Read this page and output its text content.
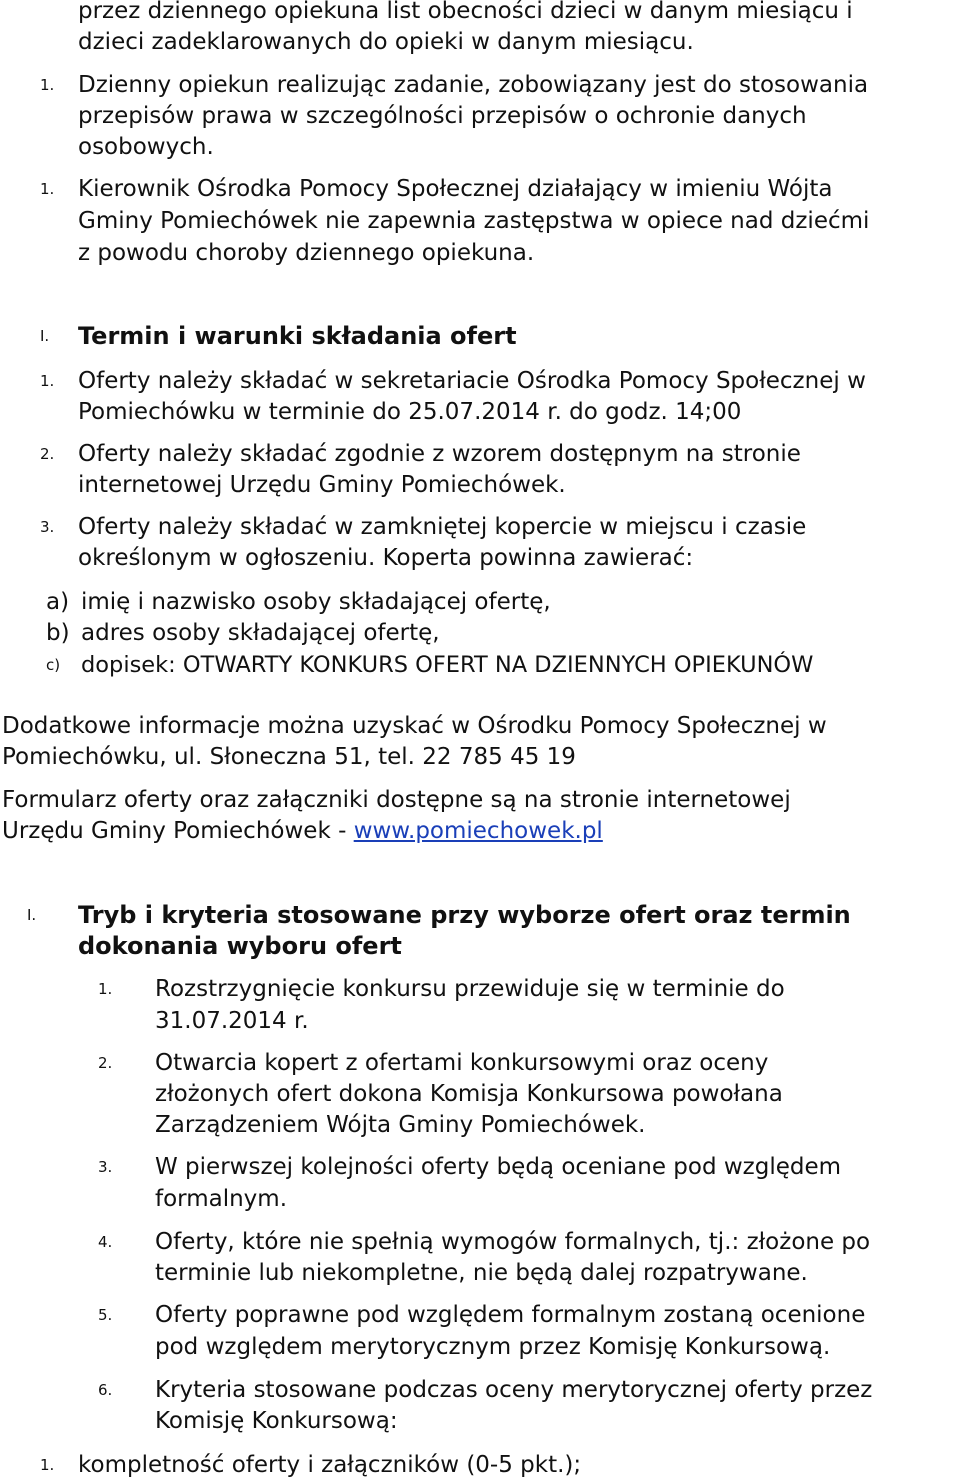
przez dziennego opiekuna list obecności dzieci w danym miesiącu i
dzieci zadeklarowanych do opieki w danym miesiącu.
1. Dzienny opiekun realizując zadanie, zobowiązany jest do stosowania
przepisów prawa w szczególności przepisów o ochronie danych
osobowych.
1. Kierownik Ośrodka Pomocy Społecznej działający w imieniu Wójta
Gminy Pomiechówek nie zapewnia zastępstwa w opiece nad dziećmi
z powodu choroby dziennego opiekuna.
I. Termin i warunki składania ofert
1. Oferty należy składać w sekretariacie Ośrodka Pomocy Społecznej w
Pomiechówku w terminie do 25.07.2014 r. do godz. 14;00
2. Oferty należy składać zgodnie z wzorem dostępnym na stronie
internetowej Urzędu Gminy Pomiechówek.
3. Oferty należy składać w zamkniętej kopercie w miejscu i czasie
określonym w ogłoszeniu. Koperta powinna zawierać:
a) imię i nazwisko osoby składającej ofertę,
b) adres osoby składającej ofertę,
c) dopisek: OTWARTY KONKURS OFERT NA DZIENNYCH OPIEKUNÓW
Dodatkowe informacje można uzyskać w Ośrodku Pomocy Społecznej w
Pomiechówku, ul. Słoneczna 51, tel. 22 785 45 19
Formularz oferty oraz załączniki dostępne są na stronie internetowej
Urzędu Gminy Pomiechówek - www.pomiechowek.pl
I. Tryb i kryteria stosowane przy wyborze ofert oraz termin
dokonania wyboru ofert
1. Rozstrzygnięcie konkursu przewiduje się w terminie do
31.07.2014 r.
2. Otwarcia kopert z ofertami konkursowymi oraz oceny
złożonych ofert dokona Komisja Konkursowa powołana
Zarządzeniem Wójta Gminy Pomiechówek.
3. W pierwszej kolejności oferty będą oceniane pod względem
formalnym.
4. Oferty, które nie spełnią wymogów formalnych, tj.: złożone po
terminie lub niekompletne, nie będą dalej rozpatrywane.
5. Oferty poprawne pod względem formalnym zostaną ocenione
pod względem merytorycznym przez Komisję Konkursową.
6. Kryteria stosowane podczas oceny merytorycznej oferty przez
Komisję Konkursową:
1. kompletność oferty i załączników (0-5 pkt.);
